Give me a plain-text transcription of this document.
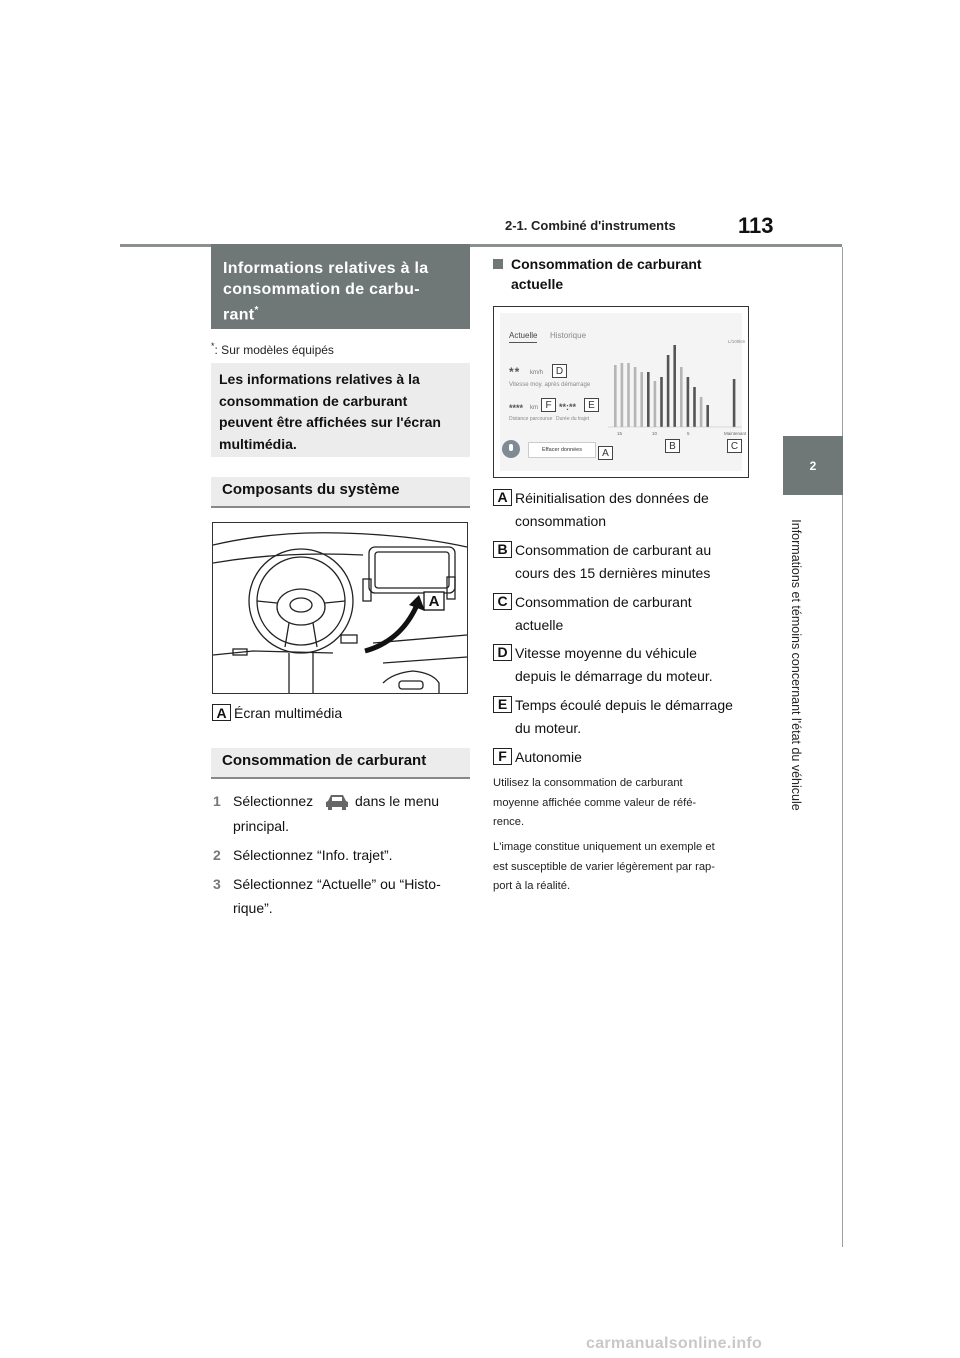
2-1. Combiné d'instruments	113
2
Informations et témoins concernant l'état du véhicule
Informations relatives à la
consommation de carbu-
rant*
*: Sur modèles équipés
Les informations relatives à la
consommation de carburant
peuvent être affichées sur l'écran
multimédia.
Composants du système
A
A Écran multimédia
Consommation de carburant
1 Sélectionnez	dans le menu
principal.
2 Sélectionnez “Info. trajet”.
3 Sélectionnez “Actuelle” ou “Histo-
rique”.
Consommation de carburant
actuelle
Actuelle Historique
L/100km
** km/h	D
Vitesse moy. après démarrage
**** km F **:**	E
Distance parcourue Durée du trajet
Effacer données	A
15	10	5	Maintenant
B	C
A Réinitialisation des données de
consommation
B Consommation de carburant au
cours des 15 dernières minutes
C Consommation de carburant
actuelle
D Vitesse moyenne du véhicule
depuis le démarrage du moteur.
E Temps écoulé depuis le démarrage
du moteur.
F Autonomie
Utilisez la consommation de carburant
moyenne affichée comme valeur de réfé-
rence.
L'image constitue uniquement un exemple et
est susceptible de varier légèrement par rap-
port à la réalité.
carmanualsonline.info
